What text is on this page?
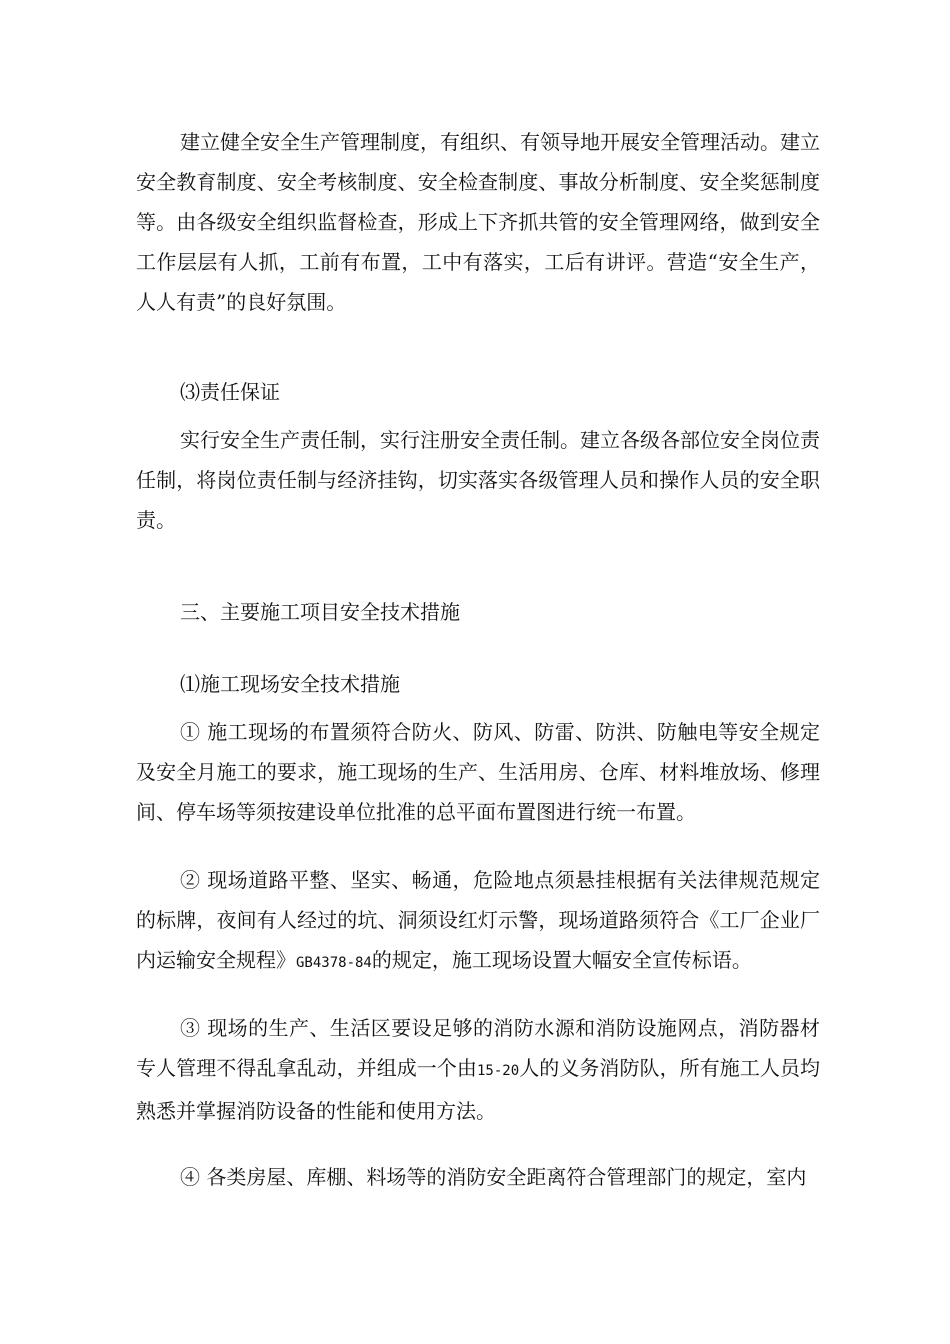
建立健全安全生产管理制度，有组织、有领导地开展安全管理活动。建立安全教育制度、安全考核制度、安全检查制度、事故分析制度、安全奖惩制度等。由各级安全组织监督检查，形成上下齐抓共管的安全管理网络，做到安全工作层层有人抓，工前有布置，工中有落实，工后有讲评。营造“安全生产，人人有责”的良好氛围。

⑶责任保证

实行安全生产责任制，实行注册安全责任制。建立各级各部位安全岗位责任制，将岗位责任制与经济挂钩，切实落实各级管理人员和操作人员的安全职责。

三、主要施工项目安全技术措施

⑴施工现场安全技术措施

① 施工现场的布置须符合防火、防风、防雷、防洪、防触电等安全规定及安全月施工的要求，施工现场的生产、生活用房、仓库、材料堆放场、修理间、停车场等须按建设单位批准的总平面布置图进行统一布置。

② 现场道路平整、坚实、畅通，危险地点须悬挂根据有关法律规范规定的标牌，夜间有人经过的坑、洞须设红灯示警，现场道路须符合《工厂企业厂内运输安全规程》GB4378-84的规定，施工现场设置大幅安全宣传标语。

③ 现场的生产、生活区要设足够的消防水源和消防设施网点，消防器材专人管理不得乱拿乱动，并组成一个由15-20人的义务消防队，所有施工人员均熟悉并掌握消防设备的性能和使用方法。

④ 各类房屋、库棚、料场等的消防安全距离符合管理部门的规定，室内
